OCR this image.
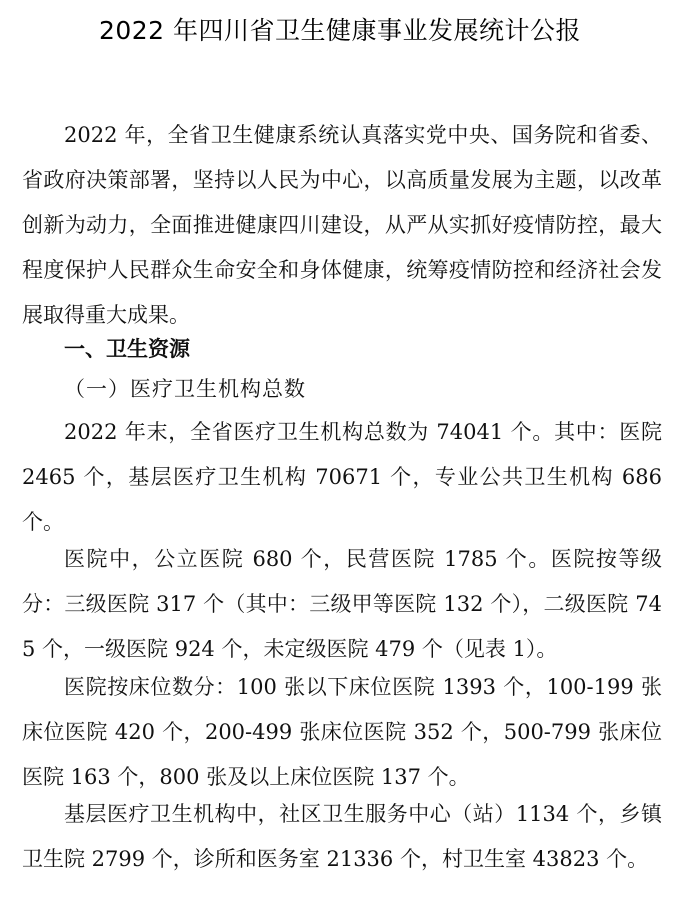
2022 年四川省卫生健康事业发展统计公报

2022 年，全省卫生健康系统认真落实党中央、国务院和省委、省政府决策部署，坚持以人民为中心，以高质量发展为主题，以改革创新为动力，全面推进健康四川建设，从严从实抓好疫情防控，最大程度保护人民群众生命安全和身体健康，统筹疫情防控和经济社会发展取得重大成果。

一、卫生资源
（一）医疗卫生机构总数

2022 年末，全省医疗卫生机构总数为 74041 个。其中：医院 2465 个，基层医疗卫生机构 70671 个，专业公共卫生机构 686 个。

医院中，公立医院 680 个，民营医院 1785 个。医院按等级分：三级医院 317 个（其中：三级甲等医院 132 个），二级医院 745 个，一级医院 924 个，未定级医院 479 个（见表 1）。

医院按床位数分：100 张以下床位医院 1393 个，100-199 张床位医院 420 个，200-499 张床位医院 352 个，500-799 张床位医院 163 个，800 张及以上床位医院 137 个。

基层医疗卫生机构中，社区卫生服务中心（站）1134 个，乡镇卫生院 2799 个，诊所和医务室 21336 个，村卫生室 43823 个。
